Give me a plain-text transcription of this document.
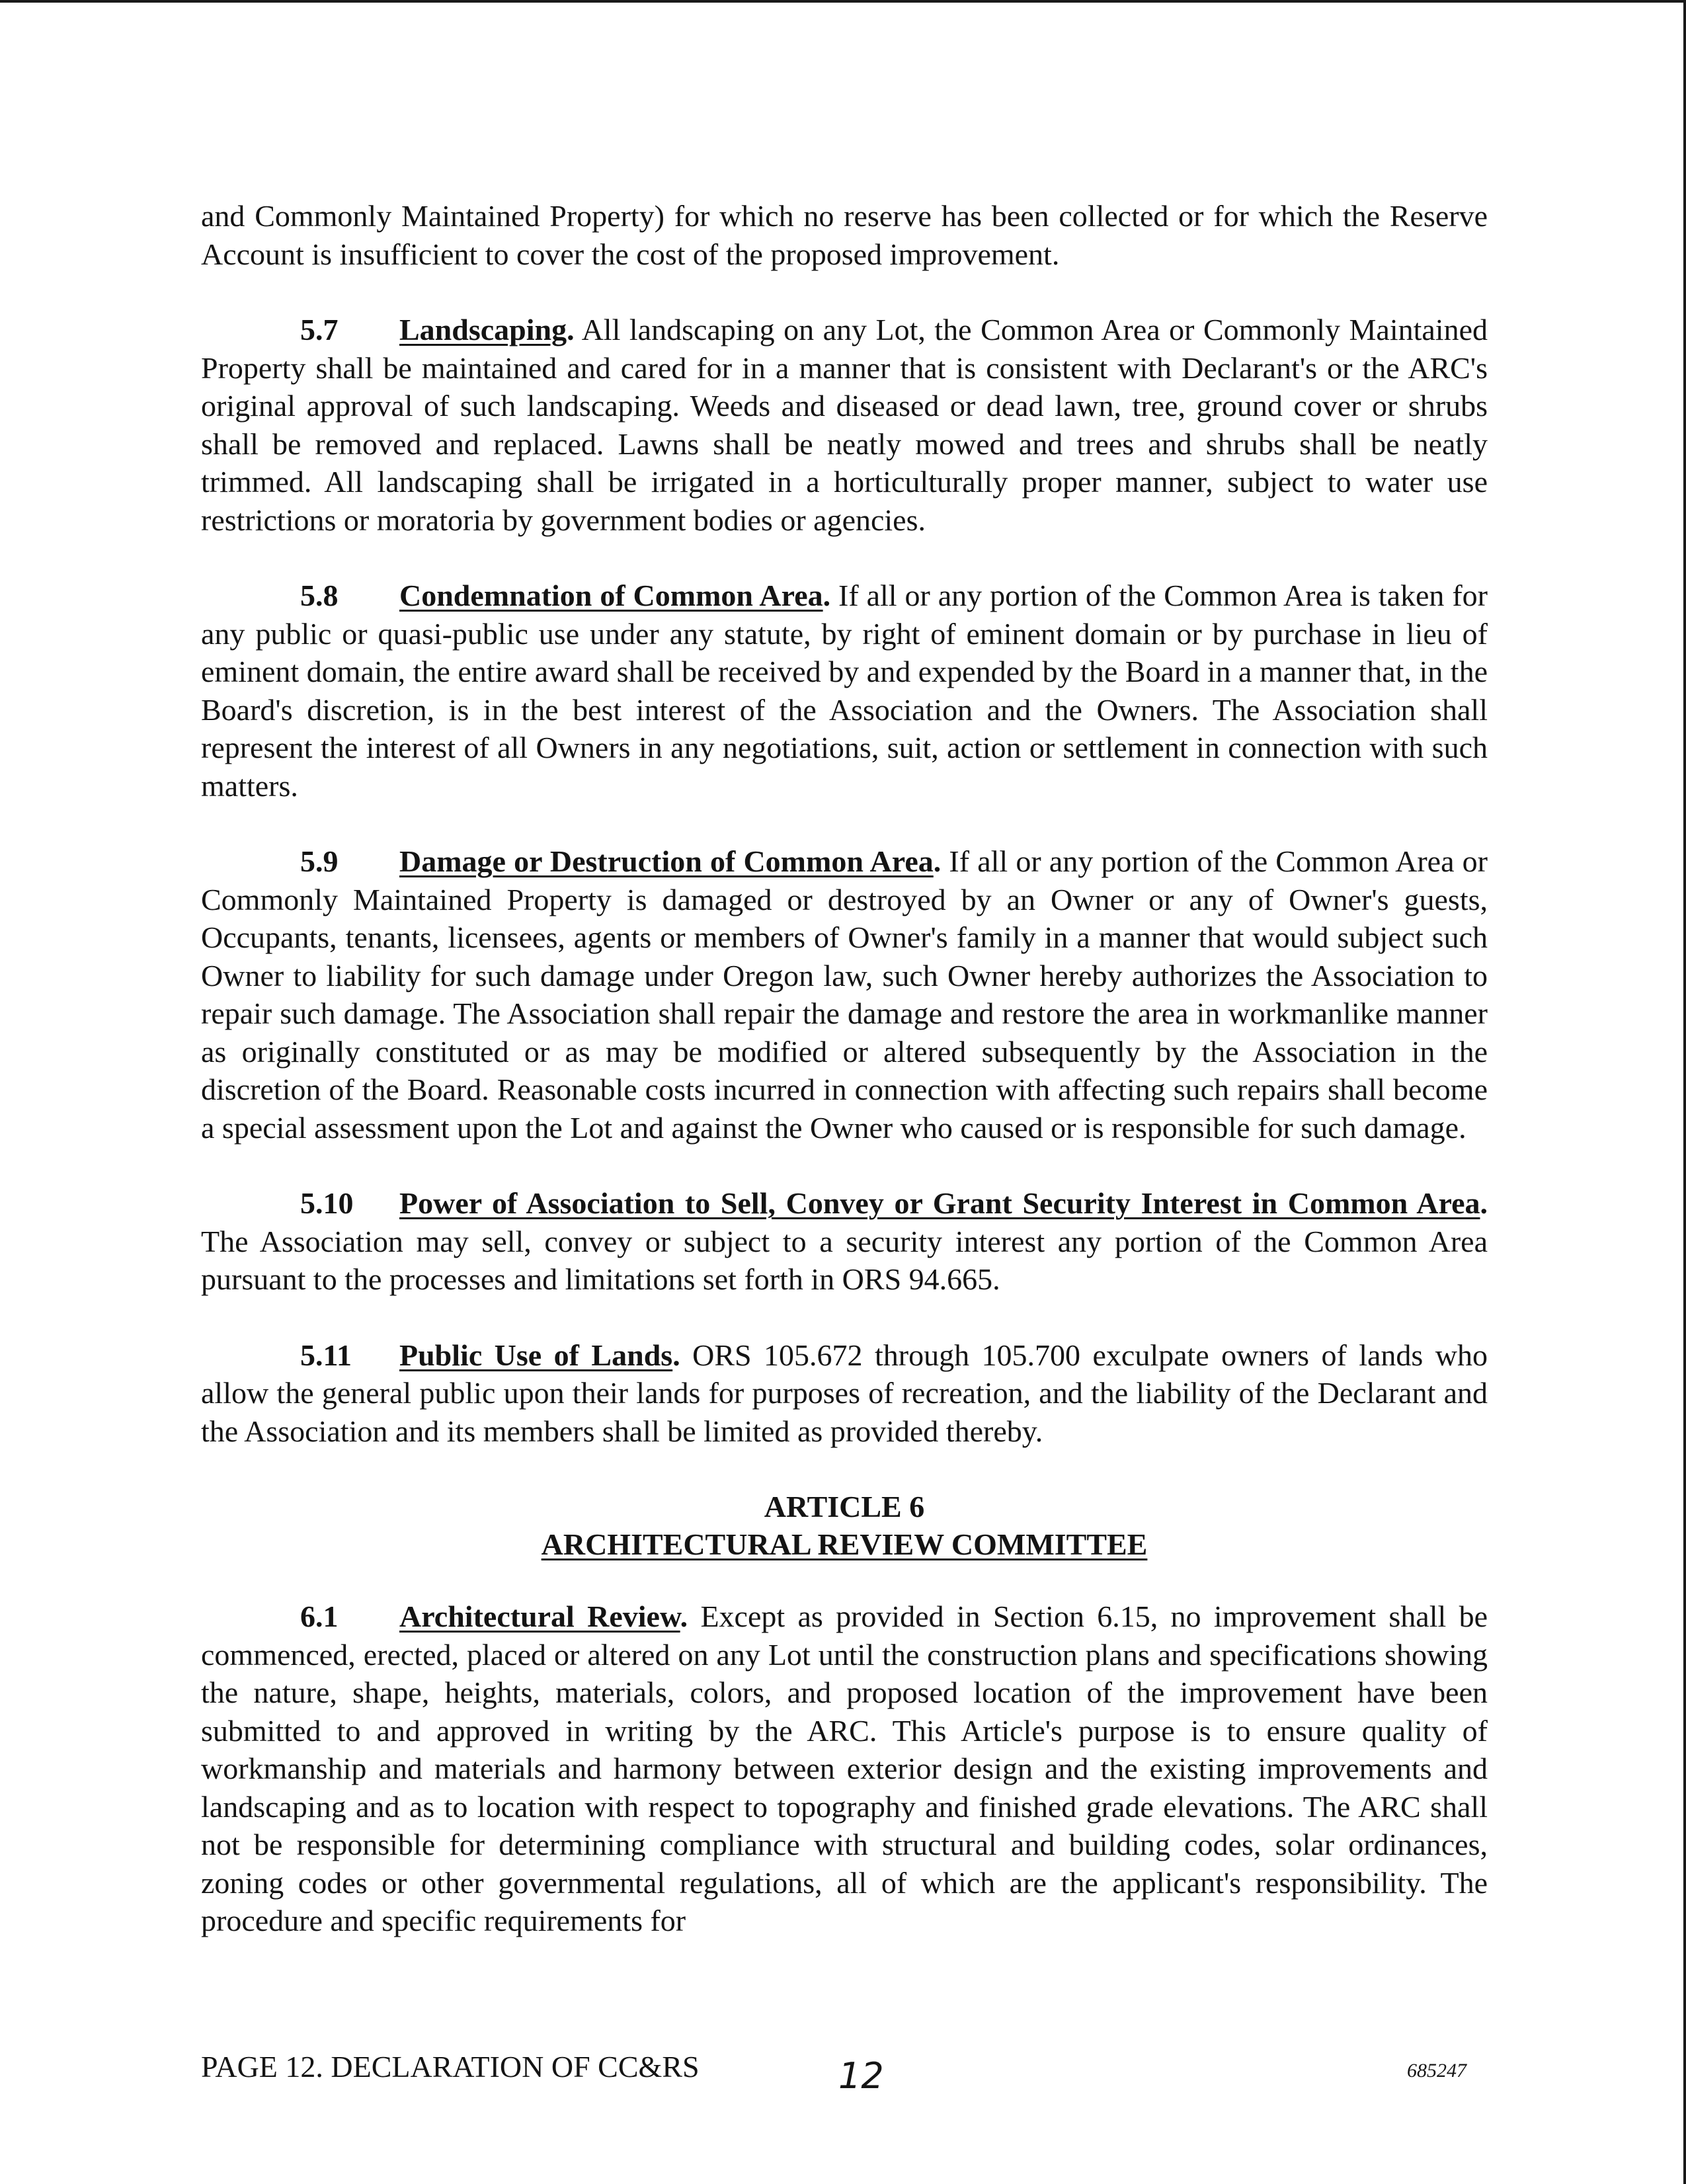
and Commonly Maintained Property) for which no reserve has been collected or for which the Reserve Account is insufficient to cover the cost of the proposed improvement.

5.7 Landscaping. All landscaping on any Lot, the Common Area or Commonly Maintained Property shall be maintained and cared for in a manner that is consistent with Declarant's or the ARC's original approval of such landscaping. Weeds and diseased or dead lawn, tree, ground cover or shrubs shall be removed and replaced. Lawns shall be neatly mowed and trees and shrubs shall be neatly trimmed. All landscaping shall be irrigated in a horticulturally proper manner, subject to water use restrictions or moratoria by government bodies or agencies.

5.8 Condemnation of Common Area. If all or any portion of the Common Area is taken for any public or quasi-public use under any statute, by right of eminent domain or by purchase in lieu of eminent domain, the entire award shall be received by and expended by the Board in a manner that, in the Board's discretion, is in the best interest of the Association and the Owners. The Association shall represent the interest of all Owners in any negotiations, suit, action or settlement in connection with such matters.

5.9 Damage or Destruction of Common Area. If all or any portion of the Common Area or Commonly Maintained Property is damaged or destroyed by an Owner or any of Owner's guests, Occupants, tenants, licensees, agents or members of Owner's family in a manner that would subject such Owner to liability for such damage under Oregon law, such Owner hereby authorizes the Association to repair such damage. The Association shall repair the damage and restore the area in workmanlike manner as originally constituted or as may be modified or altered subsequently by the Association in the discretion of the Board. Reasonable costs incurred in connection with affecting such repairs shall become a special assessment upon the Lot and against the Owner who caused or is responsible for such damage.

5.10 Power of Association to Sell, Convey or Grant Security Interest in Common Area. The Association may sell, convey or subject to a security interest any portion of the Common Area pursuant to the processes and limitations set forth in ORS 94.665.

5.11 Public Use of Lands. ORS 105.672 through 105.700 exculpate owners of lands who allow the general public upon their lands for purposes of recreation, and the liability of the Declarant and the Association and its members shall be limited as provided thereby.

ARTICLE 6
ARCHITECTURAL REVIEW COMMITTEE

6.1 Architectural Review. Except as provided in Section 6.15, no improvement shall be commenced, erected, placed or altered on any Lot until the construction plans and specifications showing the nature, shape, heights, materials, colors, and proposed location of the improvement have been submitted to and approved in writing by the ARC. This Article's purpose is to ensure quality of workmanship and materials and harmony between exterior design and the existing improvements and landscaping and as to location with respect to topography and finished grade elevations. The ARC shall not be responsible for determining compliance with structural and building codes, solar ordinances, zoning codes or other governmental regulations, all of which are the applicant's responsibility. The procedure and specific requirements for

PAGE 12. DECLARATION OF CC&RS	12	685247
